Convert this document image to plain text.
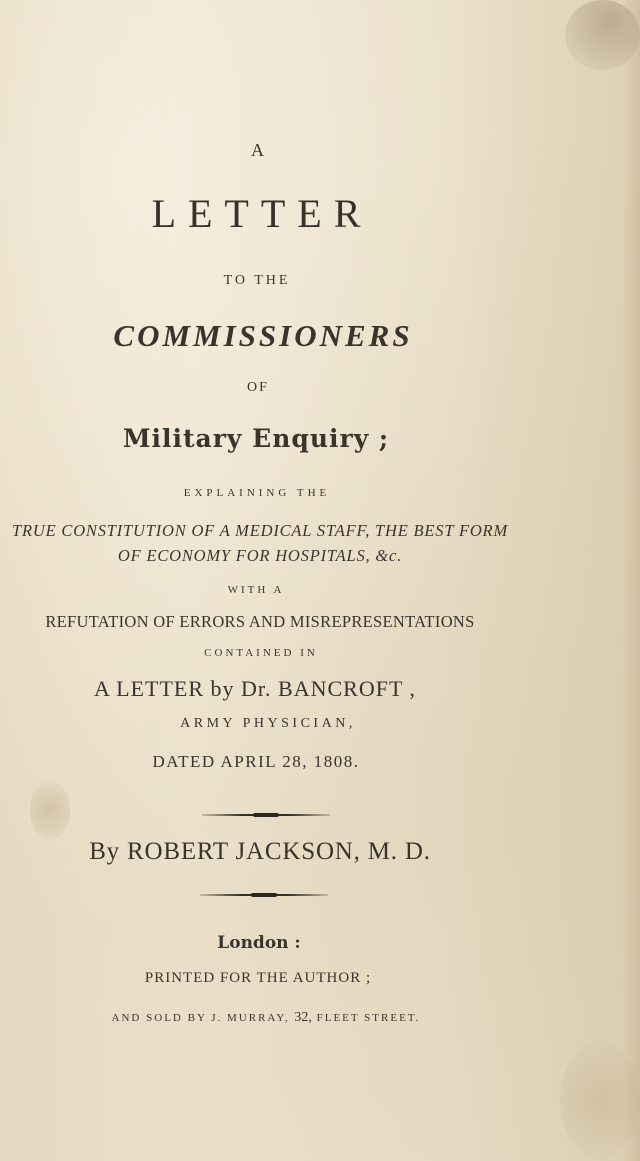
A
LETTER
TO THE
COMMISSIONERS
OF
Military Enquiry ;
EXPLAINING THE
TRUE CONSTITUTION OF A MEDICAL STAFF, THE BEST FORM
OF ECONOMY FOR HOSPITALS, &c.
WITH A
REFUTATION OF ERRORS AND MISREPRESENTATIONS
CONTAINED IN
A LETTER by Dr. BANCROFT ,
ARMY PHYSICIAN,
DATED APRIL 28, 1808.
By ROBERT JACKSON, M. D.
London :
PRINTED FOR THE AUTHOR ;
AND SOLD BY J. MURRAY, 32, FLEET STREET.
